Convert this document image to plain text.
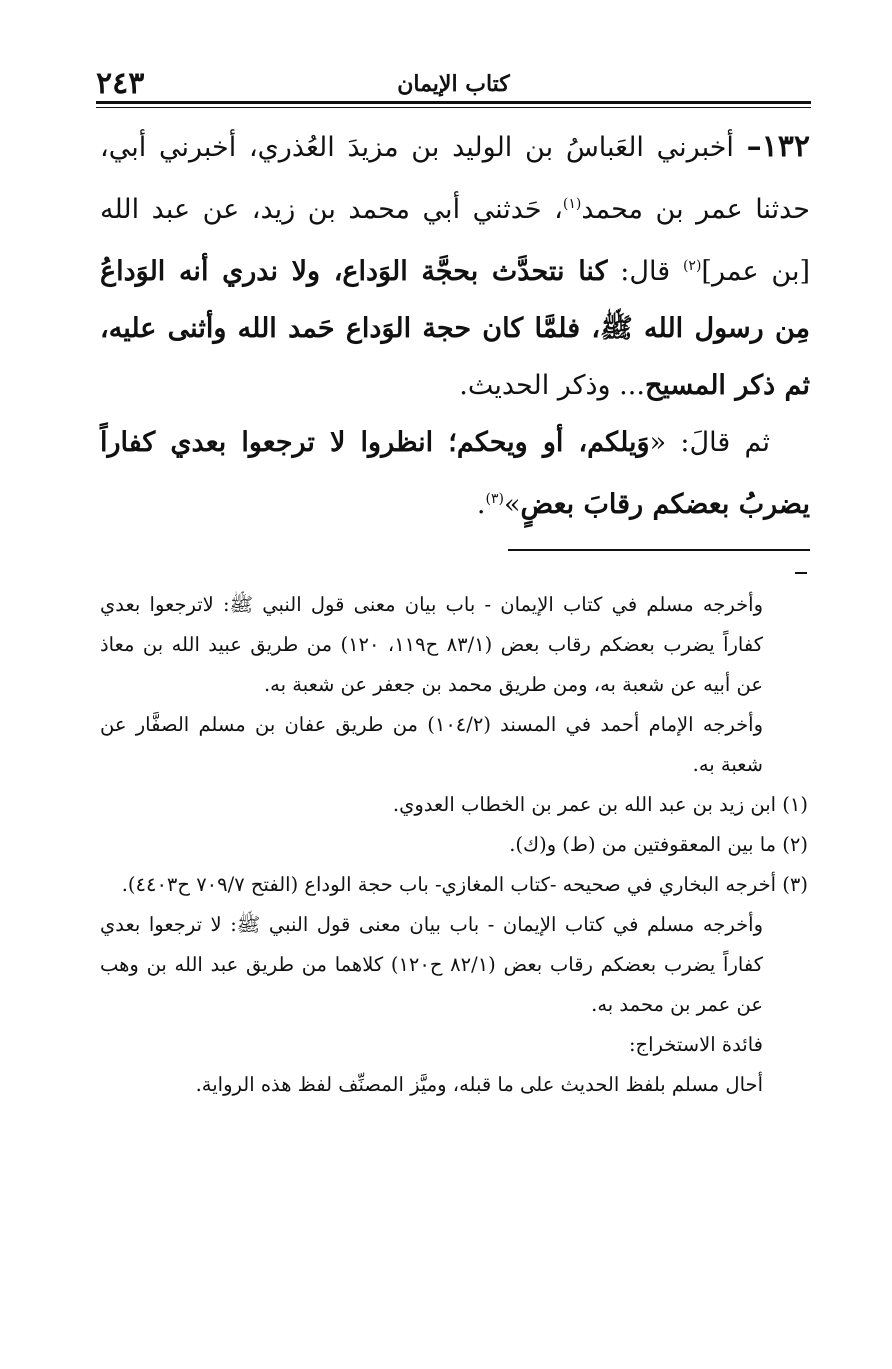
٢٤٣	كتاب الإيمان

١٣٢– أخبرني العَباسُ بن الوليد بن مزيدَ العُذري، أخبرني أبي، حدثنا عمر بن محمد$^{(١)}$، حَدثني أبي محمد بن زيد، عن عبد الله [بن عمر]$^{(٢)}$ قال: كنا نتحدَّث بحجَّة الوَداع، ولا ندري أنه الوَداعُ مِن رسول الله ﷺ، فلمَّا كان حجة الوَداع حَمد الله وأثنى عليه، ثم ذكر المسيح... وذكر الحديث.

ثم قالَ: «وَيلكم، أو ويحكم؛ انظروا لا ترجعوا بعدي كفاراً يضربُ بعضكم رقابَ بعضٍ»$^{(٣)}$.

وأخرجه مسلم في كتاب الإيمان - باب بيان معنى قول النبي ﷺ: لاترجعوا بعدي كفاراً يضرب بعضكم رقاب بعض (٨٣/١ ح١١٩، ١٢٠) من طريق عبيد الله بن معاذ عن أبيه عن شعبة به، ومن طريق محمد بن جعفر عن شعبة به.

وأخرجه الإمام أحمد في المسند (١٠٤/٢) من طريق عفان بن مسلم الصفَّار عن شعبة به.

(١) ابن زيد بن عبد الله بن عمر بن الخطاب العدوي.

(٢) ما بين المعقوفتين من (ط) و(ك).

(٣) أخرجه البخاري في صحيحه -كتاب المغازي- باب حجة الوداع (الفتح ٧٠٩/٧ ح٤٤٠٣).

وأخرجه مسلم في كتاب الإيمان - باب بيان معنى قول النبي ﷺ: لا ترجعوا بعدي كفاراً يضرب بعضكم رقاب بعض (٨٢/١ ح١٢٠) كلاهما من طريق عبد الله بن وهب عن عمر بن محمد به.

فائدة الاستخراج:

أحال مسلم بلفظ الحديث على ما قبله، وميَّز المصنِّف لفظ هذه الرواية.
